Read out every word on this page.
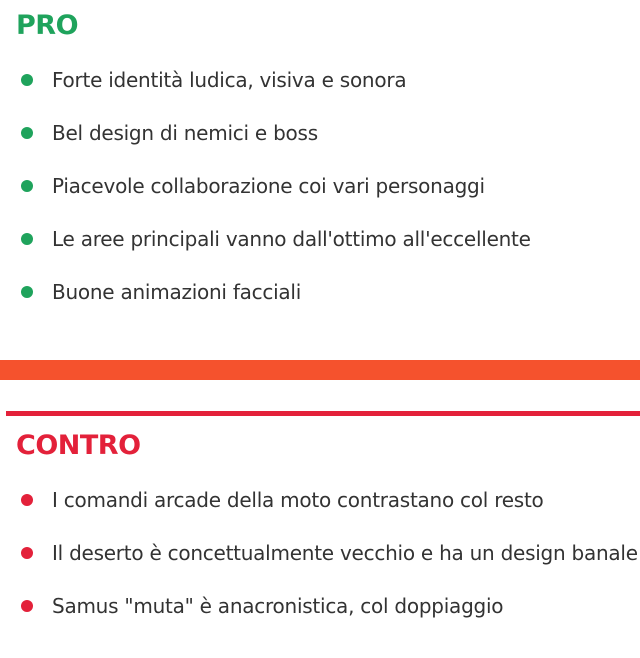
PRO
Forte identità ludica, visiva e sonora
Bel design di nemici e boss
Piacevole collaborazione coi vari personaggi
Le aree principali vanno dall'ottimo all'eccellente
Buone animazioni facciali
CONTRO
I comandi arcade della moto contrastano col resto
Il deserto è concettualmente vecchio e ha un design banale
Samus "muta" è anacronistica, col doppiaggio
